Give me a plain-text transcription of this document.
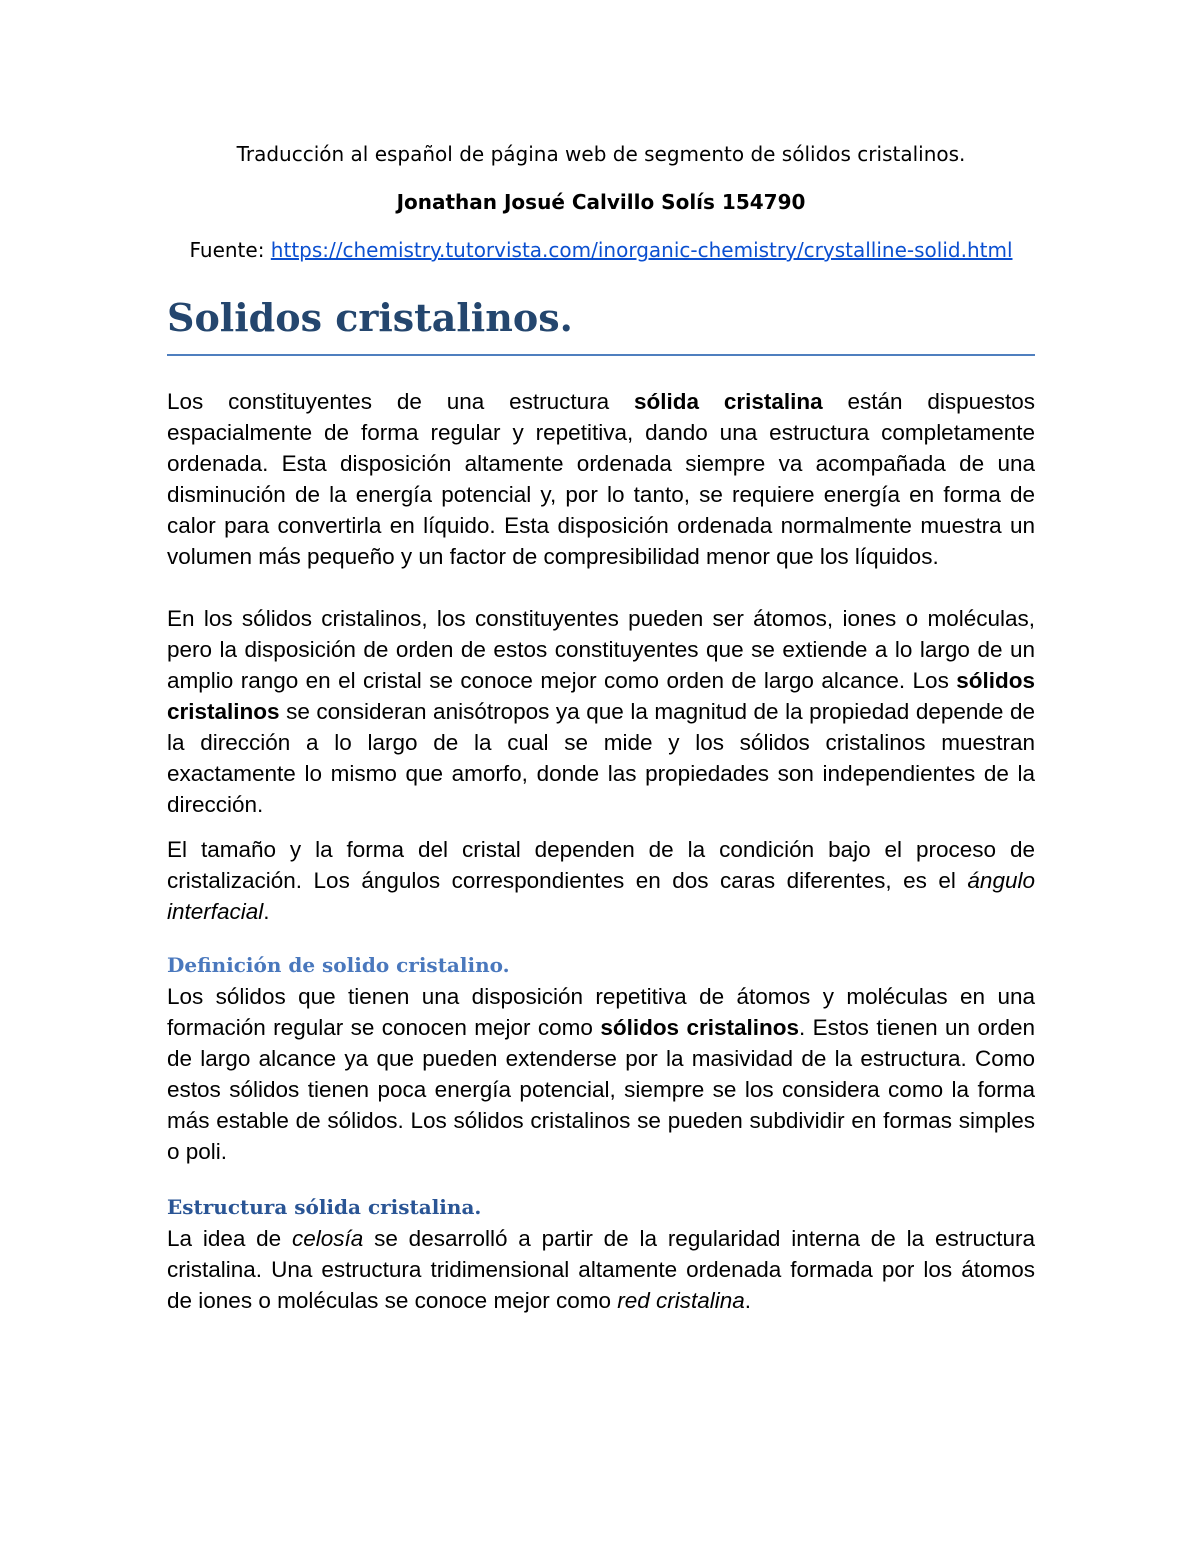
Traducción al español de página web de segmento de sólidos cristalinos.

Jonathan Josué Calvillo Solís 154790

Fuente: https://chemistry.tutorvista.com/inorganic-chemistry/crystalline-solid.html

Solidos cristalinos.

Los constituyentes de una estructura sólida cristalina están dispuestos espacialmente de forma regular y repetitiva, dando una estructura completamente ordenada. Esta disposición altamente ordenada siempre va acompañada de una disminución de la energía potencial y, por lo tanto, se requiere energía en forma de calor para convertirla en líquido. Esta disposición ordenada normalmente muestra un volumen más pequeño y un factor de compresibilidad menor que los líquidos.

En los sólidos cristalinos, los constituyentes pueden ser átomos, iones o moléculas, pero la disposición de orden de estos constituyentes que se extiende a lo largo de un amplio rango en el cristal se conoce mejor como orden de largo alcance. Los sólidos cristalinos se consideran anisótropos ya que la magnitud de la propiedad depende de la dirección a lo largo de la cual se mide y los sólidos cristalinos muestran exactamente lo mismo que amorfo, donde las propiedades son independientes de la dirección.

El tamaño y la forma del cristal dependen de la condición bajo el proceso de cristalización. Los ángulos correspondientes en dos caras diferentes, es el ángulo interfacial.

Definición de solido cristalino.

Los sólidos que tienen una disposición repetitiva de átomos y moléculas en una formación regular se conocen mejor como sólidos cristalinos. Estos tienen un orden de largo alcance ya que pueden extenderse por la masividad de la estructura. Como estos sólidos tienen poca energía potencial, siempre se los considera como la forma más estable de sólidos. Los sólidos cristalinos se pueden subdividir en formas simples o poli.

Estructura sólida cristalina.

La idea de celosía se desarrolló a partir de la regularidad interna de la estructura cristalina. Una estructura tridimensional altamente ordenada formada por los átomos de iones o moléculas se conoce mejor como red cristalina.
